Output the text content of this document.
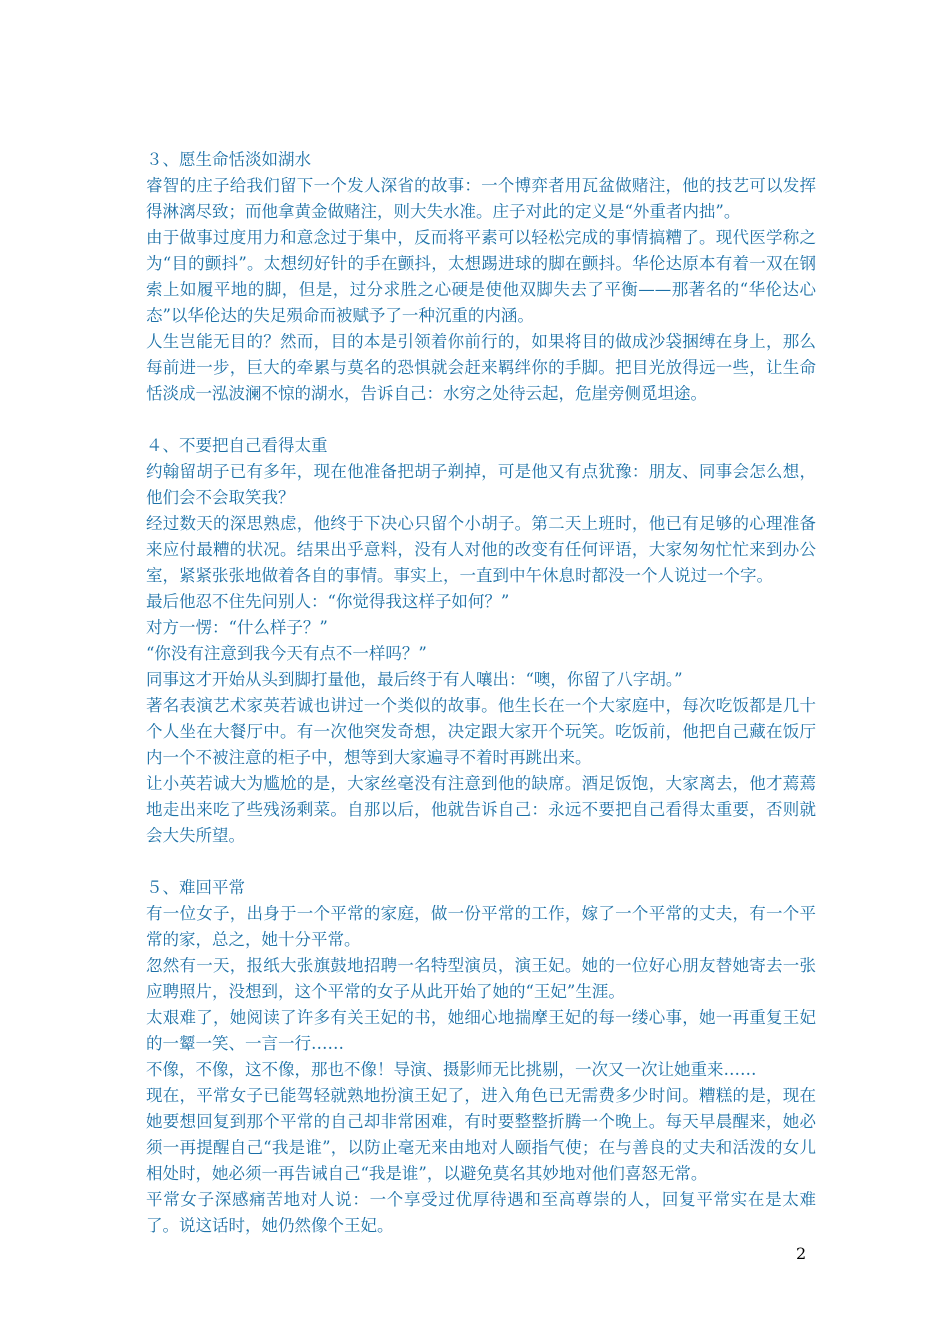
３、愿生命恬淡如湖水

睿智的庄子给我们留下一个发人深省的故事：一个博弈者用瓦盆做赌注，他的技艺可以发挥得淋漓尽致；而他拿黄金做赌注，则大失水准。庄子对此的定义是“外重者内拙”。

由于做事过度用力和意念过于集中，反而将平素可以轻松完成的事情搞糟了。现代医学称之为“目的颤抖”。太想纫好针的手在颤抖，太想踢进球的脚在颤抖。华伦达原本有着一双在钢索上如履平地的脚，但是，过分求胜之心硬是使他双脚失去了平衡——那著名的“华伦达心态”以华伦达的失足殒命而被赋予了一种沉重的内涵。

人生岂能无目的？然而，目的本是引领着你前行的，如果将目的做成沙袋捆缚在身上，那么每前进一步，巨大的牵累与莫名的恐惧就会赶来羁绊你的手脚。把目光放得远一些，让生命恬淡成一泓波澜不惊的湖水，告诉自己：水穷之处待云起，危崖旁侧觅坦途。

４、不要把自己看得太重

约翰留胡子已有多年，现在他准备把胡子剃掉，可是他又有点犹豫：朋友、同事会怎么想，他们会不会取笑我？

经过数天的深思熟虑，他终于下决心只留个小胡子。第二天上班时，他已有足够的心理准备来应付最糟的状况。结果出乎意料，没有人对他的改变有任何评语，大家匆匆忙忙来到办公室，紧紧张张地做着各自的事情。事实上，一直到中午休息时都没一个人说过一个字。

最后他忍不住先问别人：“你觉得我这样子如何？”

对方一愣：“什么样子？”

“你没有注意到我今天有点不一样吗？”

同事这才开始从头到脚打量他，最后终于有人嚷出：“噢，你留了八字胡。”

著名表演艺术家英若诚也讲过一个类似的故事。他生长在一个大家庭中，每次吃饭都是几十个人坐在大餐厅中。有一次他突发奇想，决定跟大家开个玩笑。吃饭前，他把自己藏在饭厅内一个不被注意的柜子中，想等到大家遍寻不着时再跳出来。

让小英若诚大为尴尬的是，大家丝毫没有注意到他的缺席。酒足饭饱，大家离去，他才蔫蔫地走出来吃了些残汤剩菜。自那以后，他就告诉自己：永远不要把自己看得太重要，否则就会大失所望。

５、难回平常

有一位女子，出身于一个平常的家庭，做一份平常的工作，嫁了一个平常的丈夫，有一个平常的家，总之，她十分平常。

忽然有一天，报纸大张旗鼓地招聘一名特型演员，演王妃。她的一位好心朋友替她寄去一张应聘照片，没想到，这个平常的女子从此开始了她的“王妃”生涯。

太艰难了，她阅读了许多有关王妃的书，她细心地揣摩王妃的每一缕心事，她一再重复王妃的一颦一笑、一言一行……

不像，不像，这不像，那也不像！导演、摄影师无比挑剔，一次又一次让她重来……

现在，平常女子已能驾轻就熟地扮演王妃了，进入角色已无需费多少时间。糟糕的是，现在她要想回复到那个平常的自己却非常困难，有时要整整折腾一个晚上。每天早晨醒来，她必须一再提醒自己“我是谁”，以防止毫无来由地对人颐指气使；在与善良的丈夫和活泼的女儿相处时，她必须一再告诫自己“我是谁”，以避免莫名其妙地对他们喜怒无常。

平常女子深感痛苦地对人说：一个享受过优厚待遇和至高尊崇的人，回复平常实在是太难了。说这话时，她仍然像个王妃。

2
